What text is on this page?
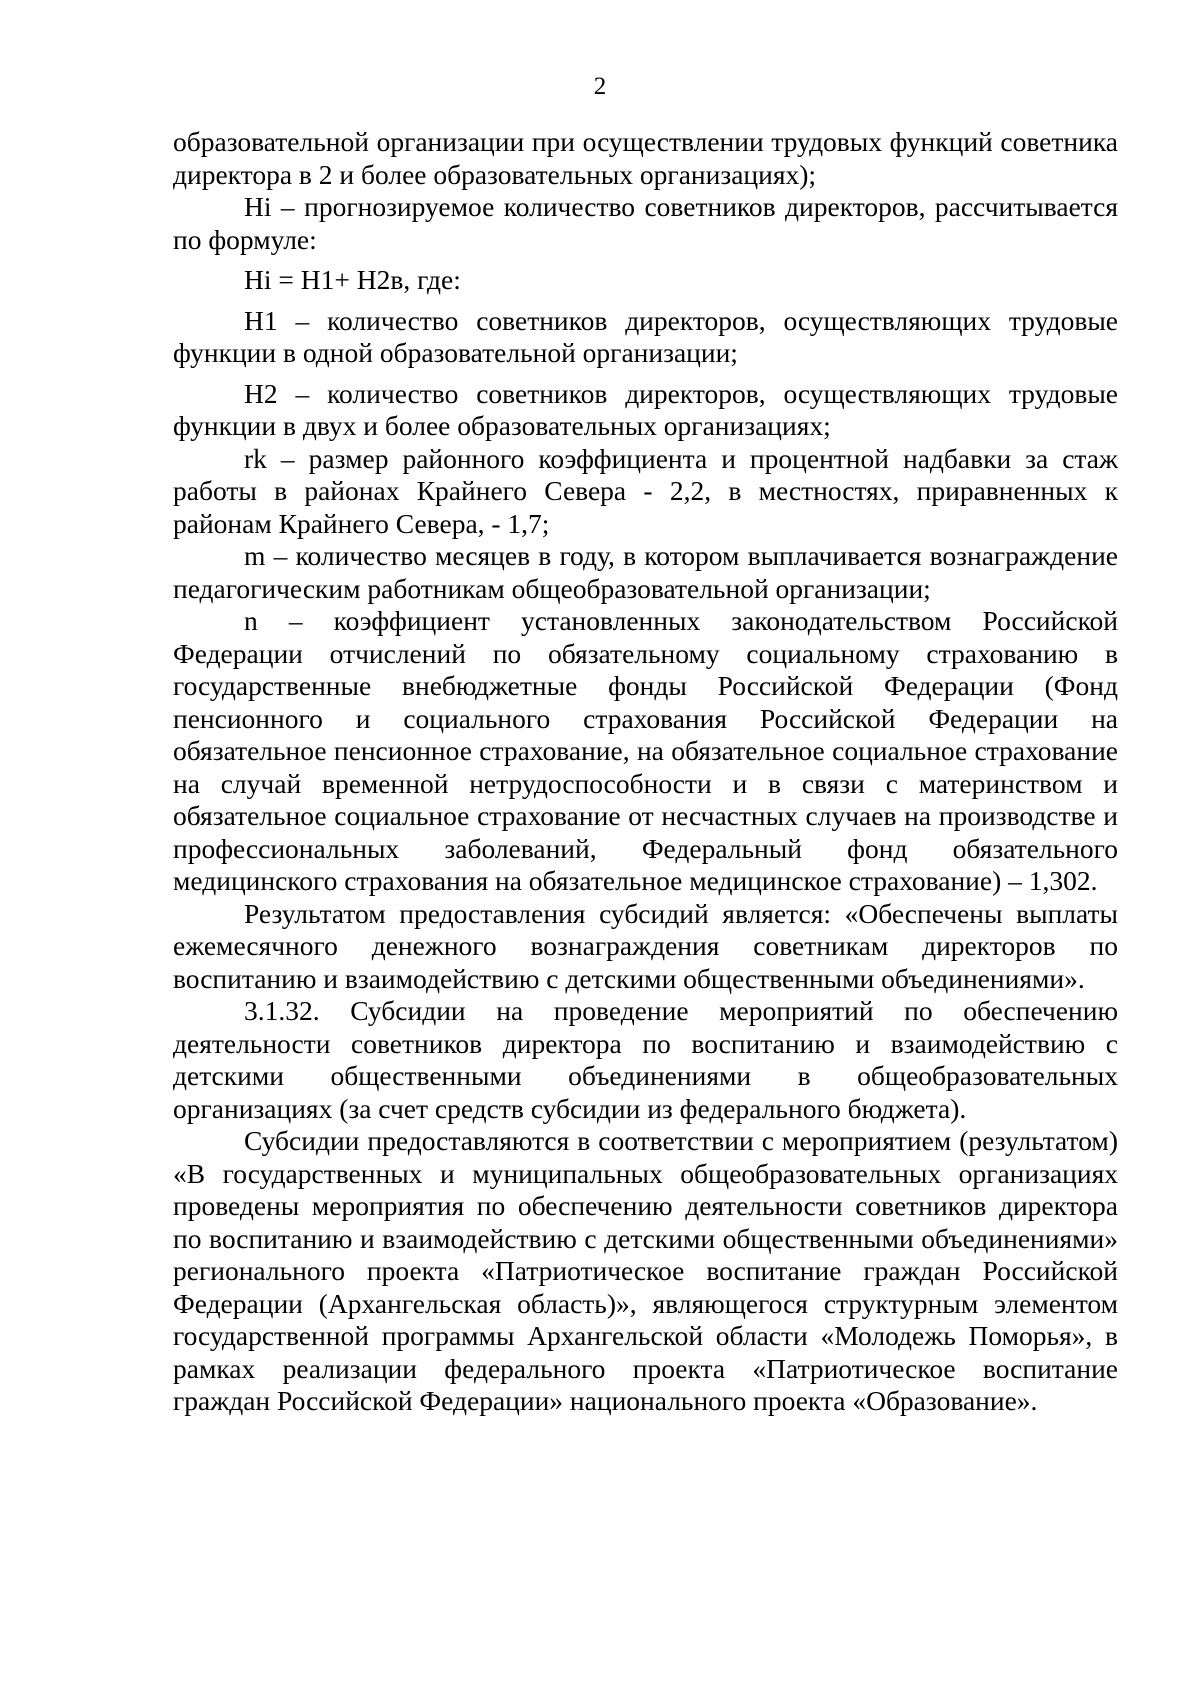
2

образовательной организации при осуществлении трудовых функций советника директора в 2 и более образовательных организациях);

Нi – прогнозируемое количество советников директоров, рассчитывается по формуле:

Нi = Н1+ Н2в, где:

Н1 – количество советников директоров, осуществляющих трудовые функции в одной образовательной организации;

Н2 – количество советников директоров, осуществляющих трудовые функции в двух и более образовательных организациях;

rk – размер районного коэффициента и процентной надбавки за стаж работы в районах Крайнего Севера - 2,2, в местностях, приравненных к районам Крайнего Севера, - 1,7;

m – количество месяцев в году, в котором выплачивается вознаграждение педагогическим работникам общеобразовательной организации;

n – коэффициент установленных законодательством Российской Федерации отчислений по обязательному социальному страхованию в государственные внебюджетные фонды Российской Федерации (Фонд пенсионного и социального страхования Российской Федерации на обязательное пенсионное страхование, на обязательное социальное страхование на случай временной нетрудоспособности и в связи с материнством и обязательное социальное страхование от несчастных случаев на производстве и профессиональных заболеваний, Федеральный фонд обязательного медицинского страхования на обязательное медицинское страхование) – 1,302.

Результатом предоставления субсидий является: «Обеспечены выплаты ежемесячного денежного вознаграждения советникам директоров по воспитанию и взаимодействию с детскими общественными объединениями».

3.1.32. Субсидии на проведение мероприятий по обеспечению деятельности советников директора по воспитанию и взаимодействию с детскими общественными объединениями в общеобразовательных организациях (за счет средств субсидии из федерального бюджета).

Субсидии предоставляются в соответствии с мероприятием (результатом) «В государственных и муниципальных общеобразовательных организациях проведены мероприятия по обеспечению деятельности советников директора по воспитанию и взаимодействию с детскими общественными объединениями» регионального проекта «Патриотическое воспитание граждан Российской Федерации (Архангельская область)», являющегося структурным элементом государственной программы Архангельской области «Молодежь Поморья», в рамках реализации федерального проекта «Патриотическое воспитание граждан Российской Федерации» национального проекта «Образование».
